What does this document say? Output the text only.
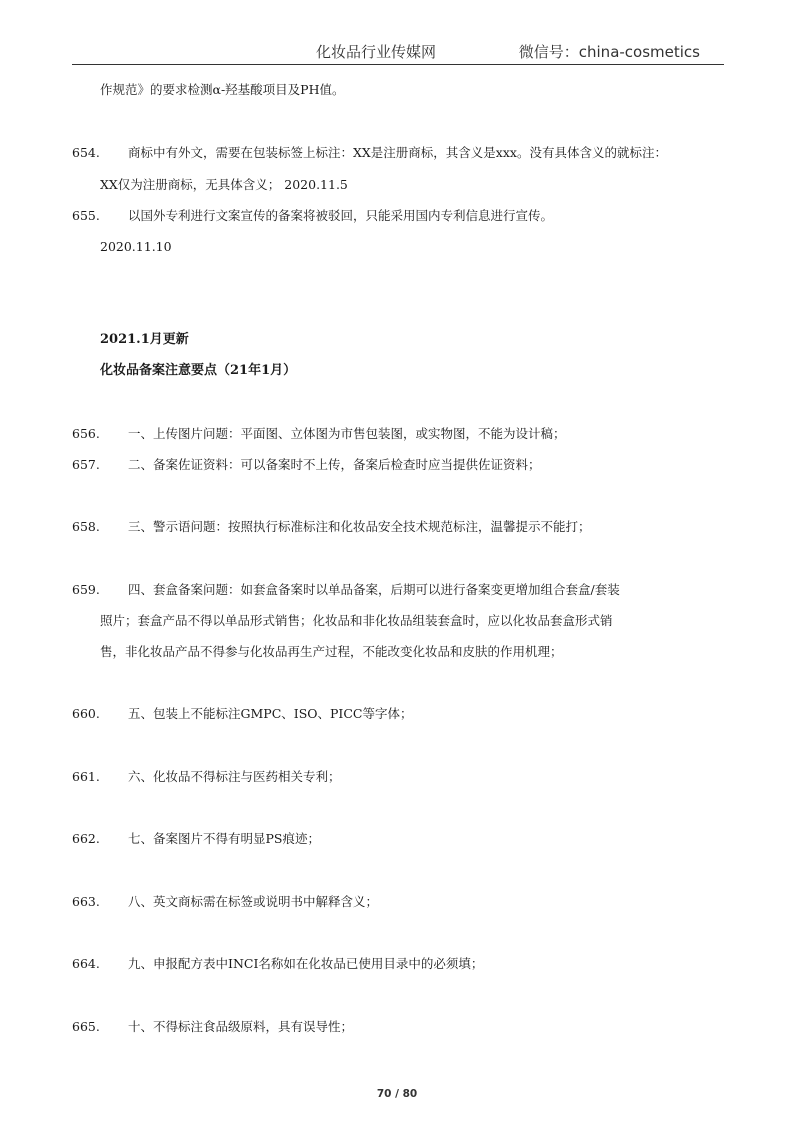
化妆品行业传媒网	微信号：china-cosmetics
作规范》的要求检测α-羟基酸项目及PH值。
654. 商标中有外文，需要在包装标签上标注：XX是注册商标，其含义是xxx。没有具体含义的就标注：
XX仅为注册商标，无具体含义； 2020.11.5
655. 以国外专利进行文案宣传的备案将被驳回，只能采用国内专利信息进行宣传。
2020.11.10
2021.1月更新
化妆品备案注意要点（21年1月）
656. 一、上传图片问题：平面图、立体图为市售包装图，或实物图，不能为设计稿；
657. 二、备案佐证资料：可以备案时不上传，备案后检查时应当提供佐证资料；
658. 三、警示语问题：按照执行标准标注和化妆品安全技术规范标注，温馨提示不能打；
659. 四、套盒备案问题：如套盒备案时以单品备案，后期可以进行备案变更增加组合套盒/套装
照片；套盒产品不得以单品形式销售；化妆品和非化妆品组装套盒时，应以化妆品套盒形式销
售，非化妆品产品不得参与化妆品再生产过程，不能改变化妆品和皮肤的作用机理；
660. 五、包装上不能标注GMPC、ISO、PICC等字体；
661. 六、化妆品不得标注与医药相关专利；
662. 七、备案图片不得有明显PS痕迹；
663. 八、英文商标需在标签或说明书中解释含义；
664. 九、申报配方表中INCI名称如在化妆品已使用目录中的必须填；
665. 十、不得标注食品级原料，具有误导性；
70 / 80
